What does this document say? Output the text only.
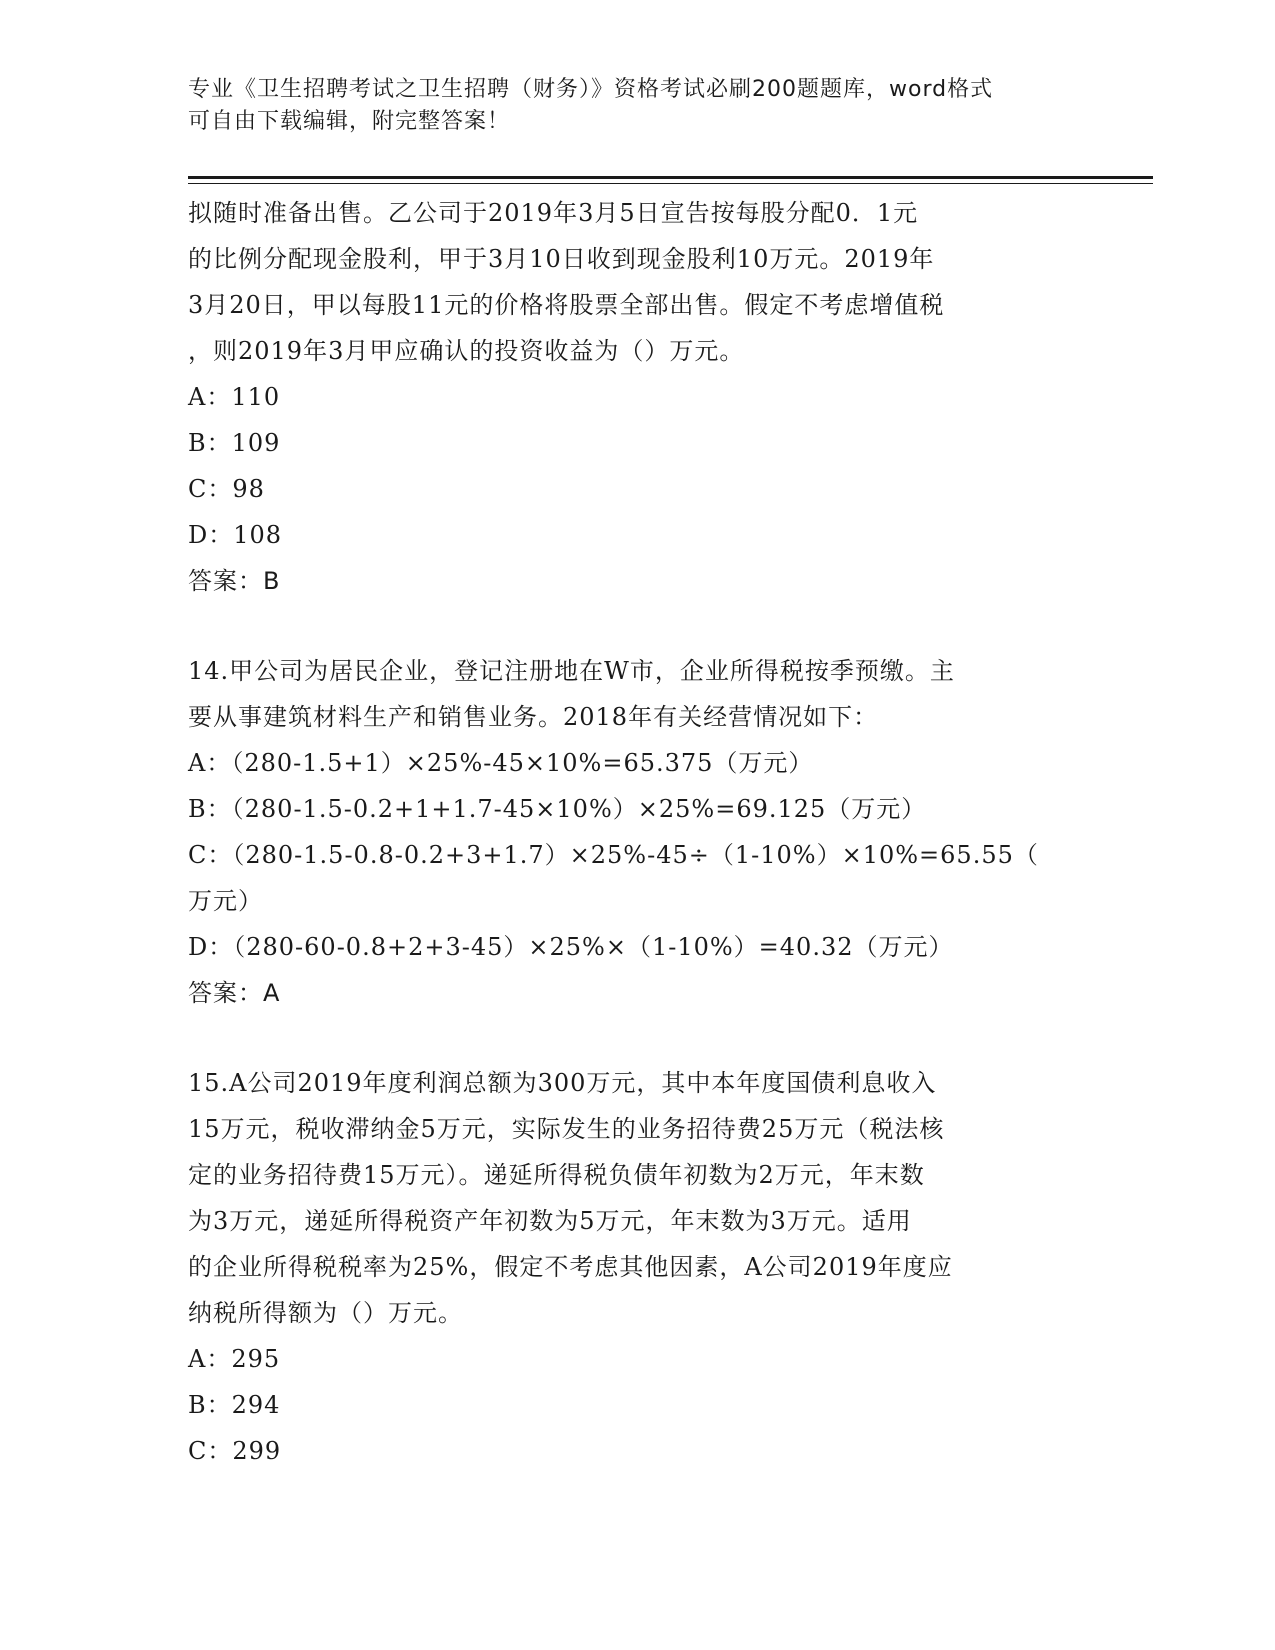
专业《卫生招聘考试之卫生招聘（财务）》资格考试必刷200题题库，word格式
可自由下载编辑，附完整答案！
拟随时准备出售。乙公司于2019年3月5日宣告按每股分配0．1元
的比例分配现金股利，甲于3月10日收到现金股利10万元。2019年
3月20日，甲以每股11元的价格将股票全部出售。假定不考虑增值税
，则2019年3月甲应确认的投资收益为（）万元。
A：110
B：109
C：98
D：108
答案：B
14.甲公司为居民企业，登记注册地在W市，企业所得税按季预缴。主
要从事建筑材料生产和销售业务。2018年有关经营情况如下：
A：（280-1.5+1）×25%-45×10%=65.375（万元）
B：（280-1.5-0.2+1+1.7-45×10%）×25%=69.125（万元）
C：（280-1.5-0.8-0.2+3+1.7）×25%-45÷（1-10%）×10%=65.55（
万元）
D：（280-60-0.8+2+3-45）×25%×（1-10%）=40.32（万元）
答案：A
15.A公司2019年度利润总额为300万元，其中本年度国债利息收入
15万元，税收滞纳金5万元，实际发生的业务招待费25万元（税法核
定的业务招待费15万元）。递延所得税负债年初数为2万元，年末数
为3万元，递延所得税资产年初数为5万元，年末数为3万元。适用
的企业所得税税率为25%，假定不考虑其他因素，A公司2019年度应
纳税所得额为（）万元。
A：295
B：294
C：299
